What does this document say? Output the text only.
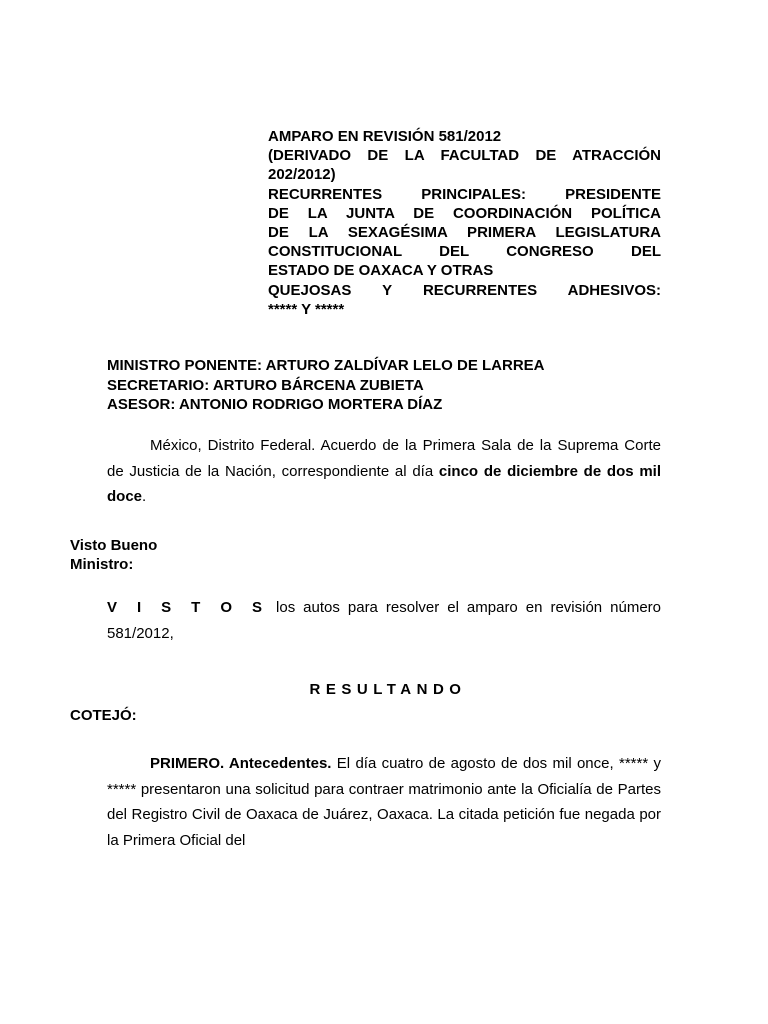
AMPARO EN REVISIÓN 581/2012
(DERIVADO DE LA FACULTAD DE ATRACCIÓN
202/2012)
RECURRENTES PRINCIPALES: PRESIDENTE
DE LA JUNTA DE COORDINACIÓN POLÍTICA
DE LA SEXAGÉSIMA PRIMERA LEGISLATURA
CONSTITUCIONAL DEL CONGRESO DEL
ESTADO DE OAXACA Y OTRAS
QUEJOSAS Y RECURRENTES ADHESIVOS:
***** Y *****
MINISTRO PONENTE: ARTURO ZALDÍVAR LELO DE LARREA
SECRETARIO: ARTURO BÁRCENA ZUBIETA
ASESOR: ANTONIO RODRIGO MORTERA DÍAZ
México, Distrito Federal. Acuerdo de la Primera Sala de la Suprema Corte de Justicia de la Nación, correspondiente al día cinco de diciembre de dos mil doce.
Visto Bueno
Ministro:
V I S T O S los autos para resolver el amparo en revisión número 581/2012,
RESULTANDO
COTEJÓ:
PRIMERO. Antecedentes. El día cuatro de agosto de dos mil once, ***** y ***** presentaron una solicitud para contraer matrimonio ante la Oficialía de Partes del Registro Civil de Oaxaca de Juárez, Oaxaca. La citada petición fue negada por la Primera Oficial del
